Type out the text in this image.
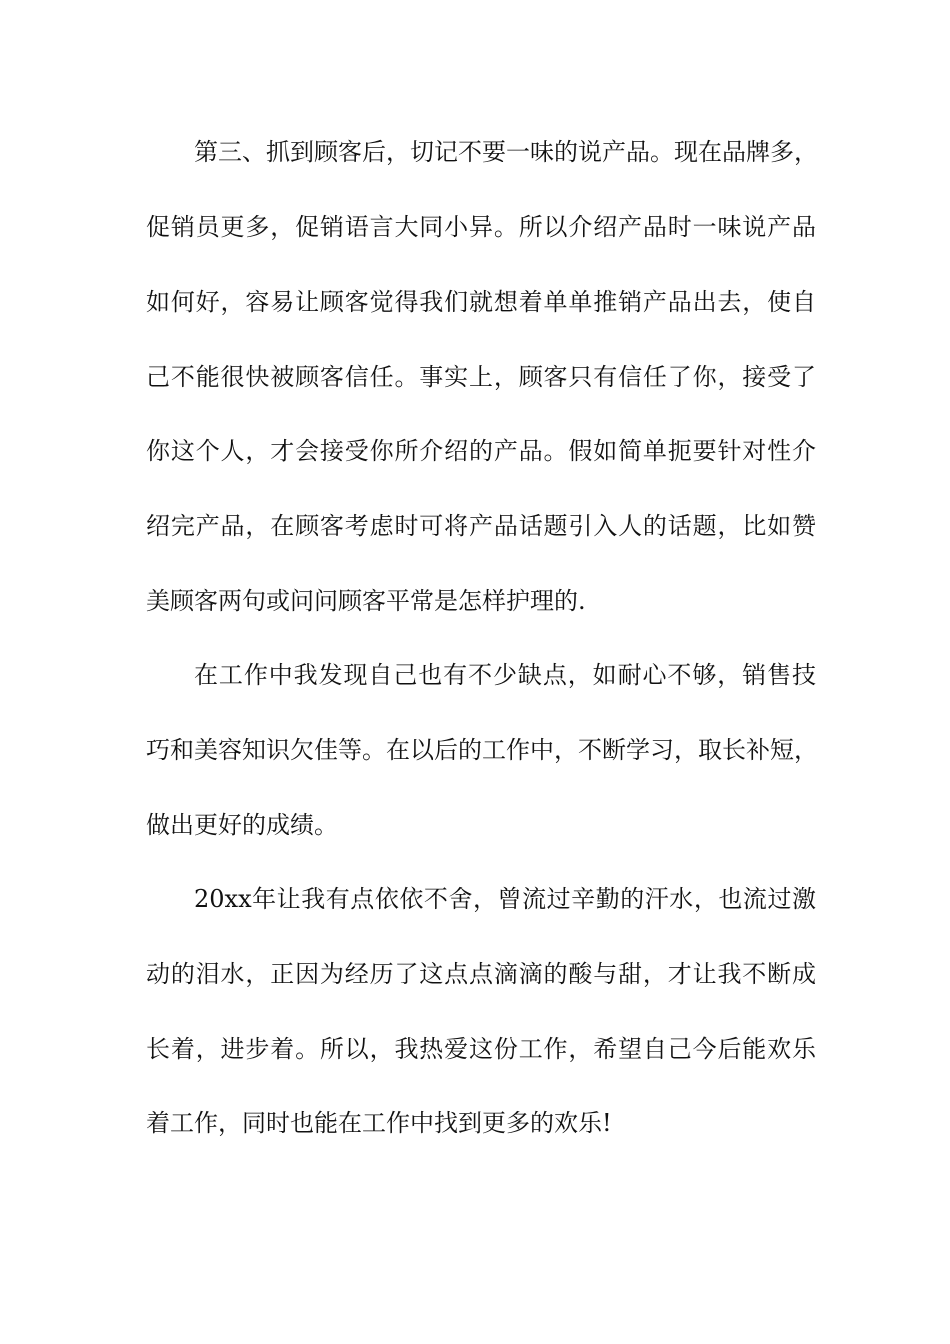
第三、抓到顾客后，切记不要一味的说产品。现在品牌多，
促销员更多，促销语言大同小异。所以介绍产品时一味说产品
如何好，容易让顾客觉得我们就想着单单推销产品出去，使自
己不能很快被顾客信任。事实上，顾客只有信任了你，接受了
你这个人，才会接受你所介绍的产品。假如简单扼要针对性介
绍完产品，在顾客考虑时可将产品话题引入人的话题，比如赞
美顾客两句或问问顾客平常是怎样护理的.
在工作中我发现自己也有不少缺点，如耐心不够，销售技
巧和美容知识欠佳等。在以后的工作中，不断学习，取长补短，
做出更好的成绩。
20xx年让我有点依依不舍，曾流过辛勤的汗水，也流过激
动的泪水，正因为经历了这点点滴滴的酸与甜，才让我不断成
长着，进步着。所以，我热爱这份工作，希望自己今后能欢乐
着工作，同时也能在工作中找到更多的欢乐!
